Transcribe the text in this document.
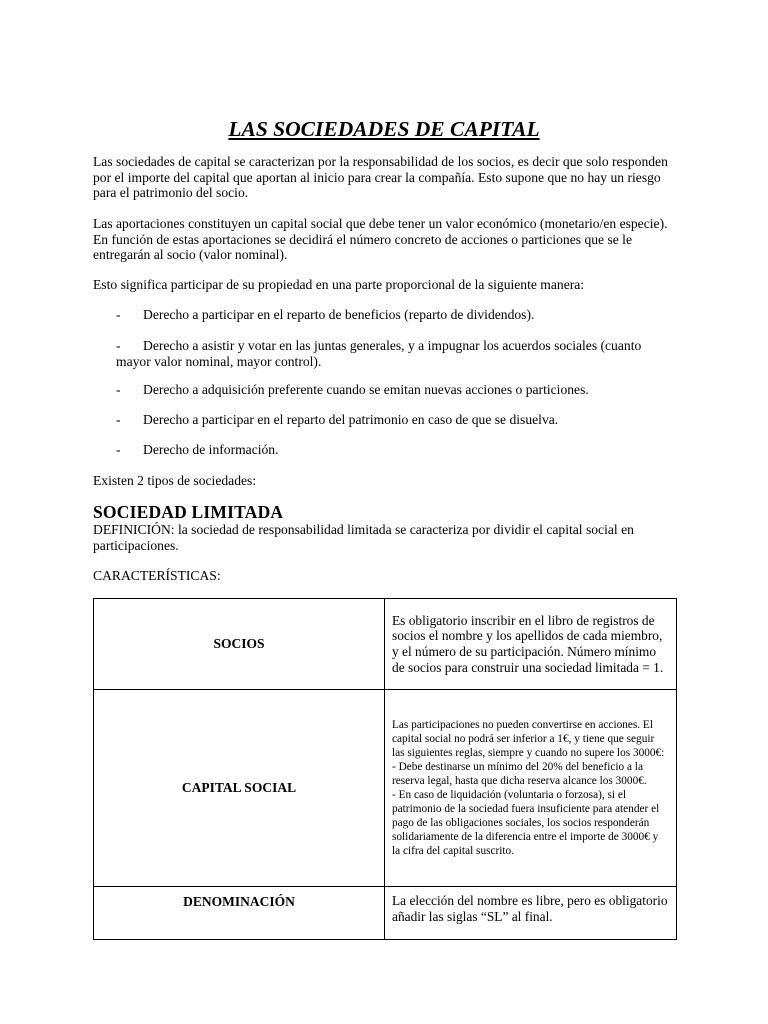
LAS SOCIEDADES DE CAPITAL

Las sociedades de capital se caracterizan por la responsabilidad de los socios, es decir que solo responden por el importe del capital que aportan al inicio para crear la compañía. Esto supone que no hay un riesgo para el patrimonio del socio.

Las aportaciones constituyen un capital social que debe tener un valor económico (monetario/en especie). En función de estas aportaciones se decidirá el número concreto de acciones o particiones que se le entregarán al socio (valor nominal).

Esto significa participar de su propiedad en una parte proporcional de la siguiente manera:

-	Derecho a participar en el reparto de beneficios (reparto de dividendos).
-	Derecho a asistir y votar en las juntas generales, y a impugnar los acuerdos sociales (cuanto mayor valor nominal, mayor control).
-	Derecho a adquisición preferente cuando se emitan nuevas acciones o particiones.
-	Derecho a participar en el reparto del patrimonio en caso de que se disuelva.
-	Derecho de información.

Existen 2 tipos de sociedades:

SOCIEDAD LIMITADA

DEFINICIÓN: la sociedad de responsabilidad limitada se caracteriza por dividir el capital social en participaciones.

CARACTERÍSTICAS:

SOCIOS	Es obligatorio inscribir en el libro de registros de socios el nombre y los apellidos de cada miembro, y el número de su participación. Número mínimo de socios para construir una sociedad limitada = 1.
CAPITAL SOCIAL	Las participaciones no pueden convertirse en acciones. El capital social no podrá ser inferior a 1€, y tiene que seguir las siguientes reglas, siempre y cuando no supere los 3000€:
- Debe destinarse un mínimo del 20% del beneficio a la reserva legal, hasta que dicha reserva alcance los 3000€.
- En caso de liquidación (voluntaria o forzosa), si el patrimonio de la sociedad fuera insuficiente para atender el pago de las obligaciones sociales, los socios responderán solidariamente de la diferencia entre el importe de 3000€ y la cifra del capital suscrito.

DENOMINACIÓN	La elección del nombre es libre, pero es obligatorio añadir las siglas “SL” al final.
